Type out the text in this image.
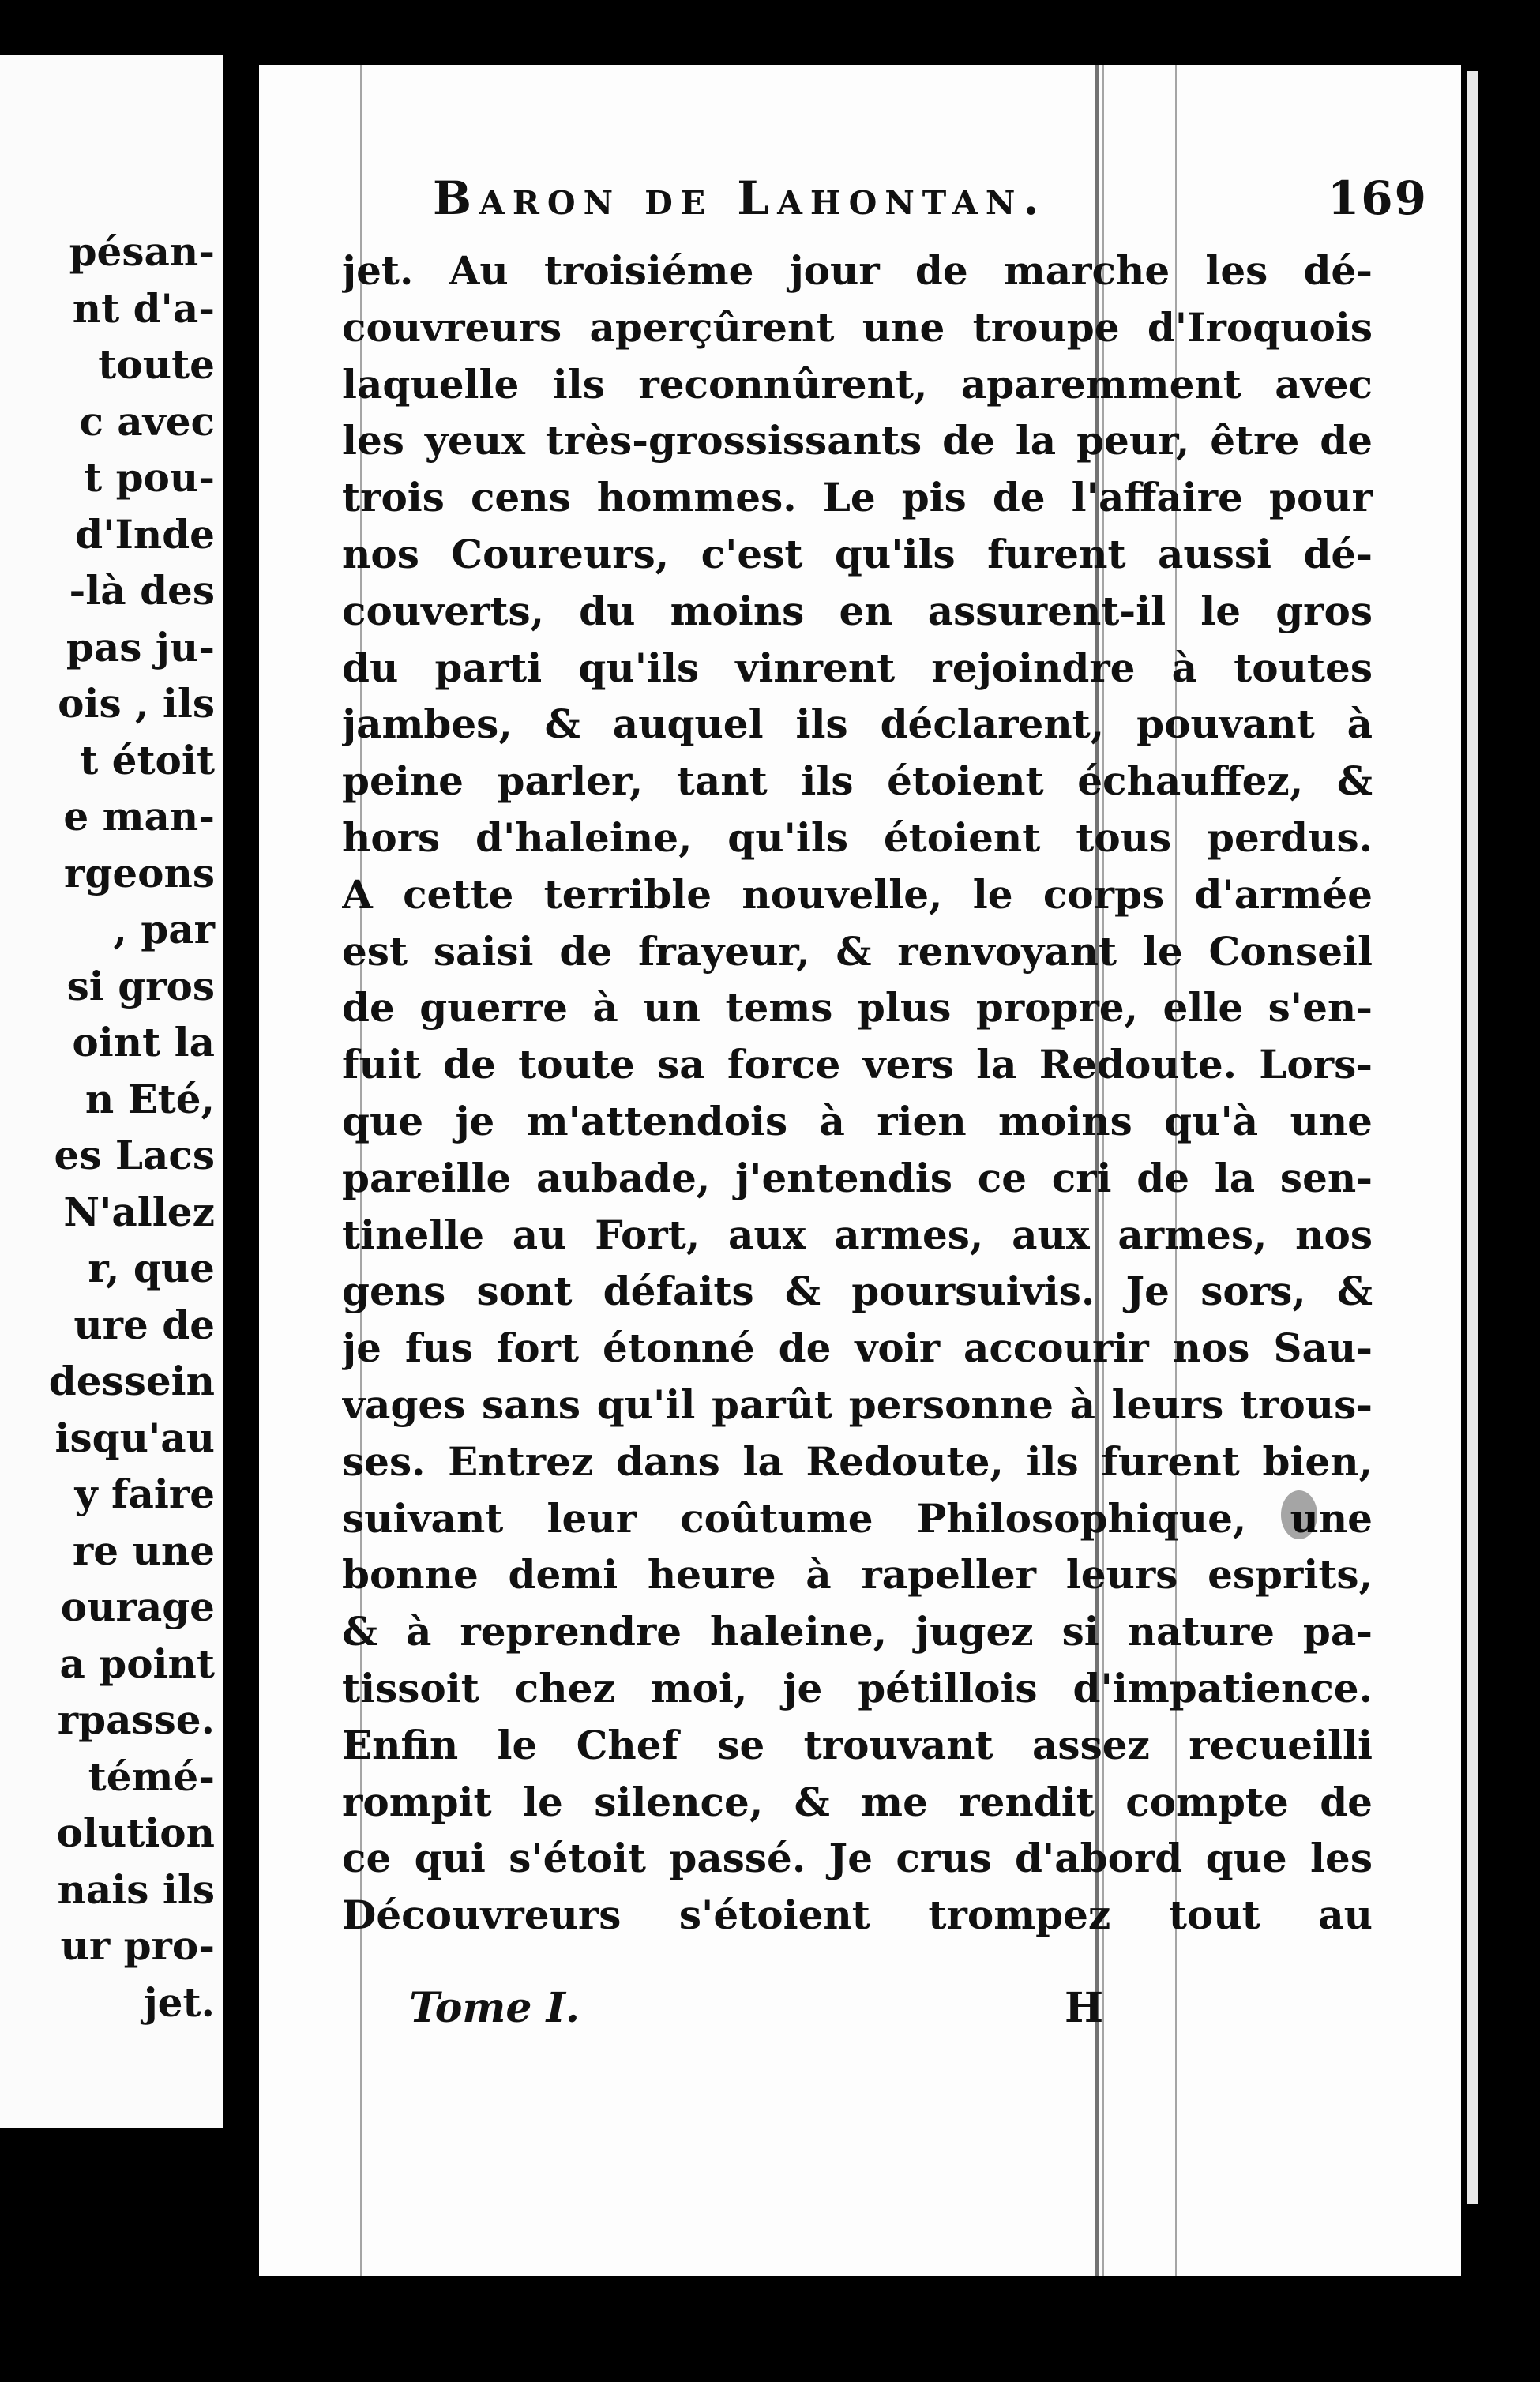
pésan-
nt d'a-
toute
c avec
t pou-
d'Inde
-là des
pas ju-
ois , ils
t étoit
e man-
rgeons
, par
si gros
oint la
n Eté,
es Lacs
N'allez
r, que
ure de
dessein
isqu'au
y faire
re une
ourage
a point
rpasse.
témé-
olution
nais ils
ur pro-
jet.
Baron de Lahontan.	169
jet. Au troisiéme jour de marche les dé-
couvreurs aperçûrent une troupe d'Iroquois
laquelle ils reconnûrent, aparemment avec
les yeux très-grossissants de la peur, être de
trois cens hommes. Le pis de l'affaire pour
nos Coureurs, c'est qu'ils furent aussi dé-
couverts, du moins en assurent-il le gros
du parti qu'ils vinrent rejoindre à toutes
jambes, & auquel ils déclarent, pouvant à
peine parler, tant ils étoient échauffez, &
hors d'haleine, qu'ils étoient tous perdus.
A cette terrible nouvelle, le corps d'armée
est saisi de frayeur, & renvoyant le Conseil
de guerre à un tems plus propre, elle s'en-
fuit de toute sa force vers la Redoute. Lors-
que je m'attendois à rien moins qu'à une
pareille aubade, j'entendis ce cri de la sen-
tinelle au Fort, aux armes, aux armes, nos
gens sont défaits & poursuivis. Je sors, &
je fus fort étonné de voir accourir nos Sau-
vages sans qu'il parût personne à leurs trous-
ses. Entrez dans la Redoute, ils furent bien,
suivant leur coûtume Philosophique, une
bonne demi heure à rapeller leurs esprits,
& à reprendre haleine, jugez si nature pa-
tissoit chez moi, je pétillois d'impatience.
Enfin le Chef se trouvant assez recueilli
rompit le silence, & me rendit compte de
ce qui s'étoit passé. Je crus d'abord que les
Découvreurs s'étoient trompez tout au
Tome I.	H
